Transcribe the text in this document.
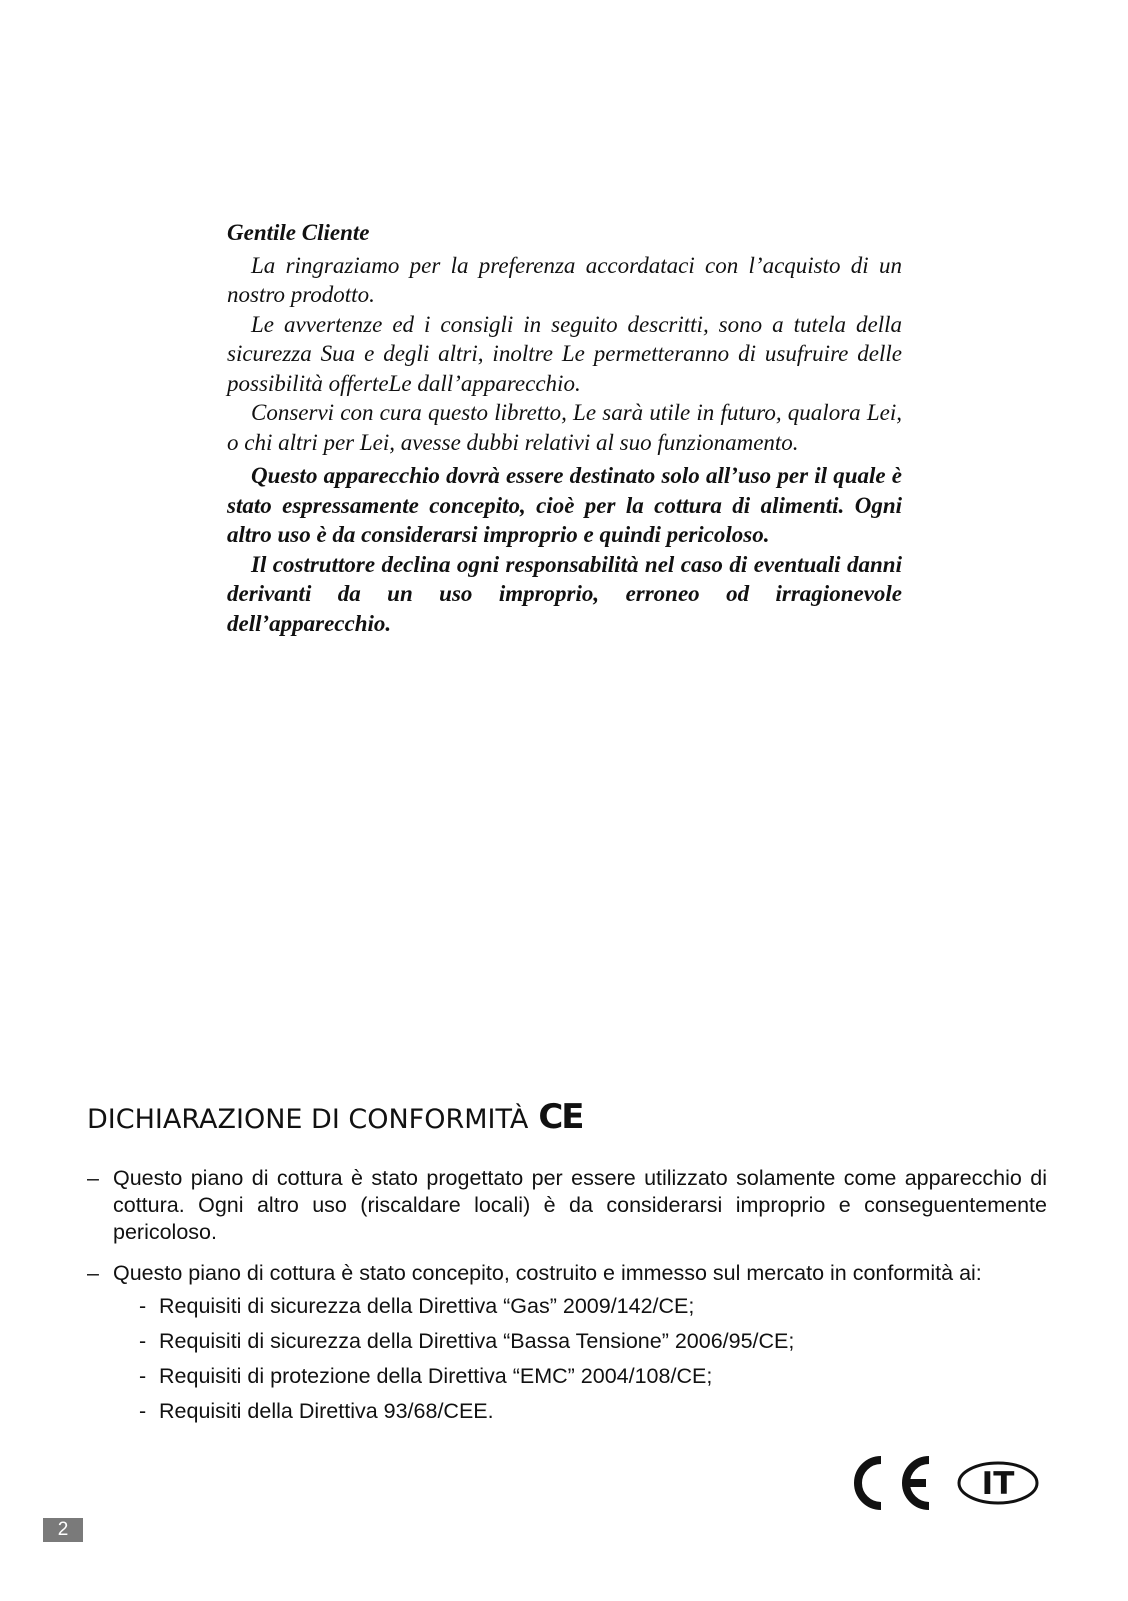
Gentile Cliente

La ringraziamo per la preferenza accordataci con l’acquisto di un nostro prodotto.

Le avvertenze ed i consigli in seguito descritti, sono a tutela della sicurezza Sua e degli altri, inoltre Le permetteranno di usufruire delle possibilità offerteLe dall’apparecchio.

Conservi con cura questo libretto, Le sarà utile in futuro, qualora Lei, o chi altri per Lei, avesse dubbi relativi al suo funzionamento.

Questo apparecchio dovrà essere destinato solo all’uso per il quale è stato espressamente concepito, cioè per la cottura di alimenti. Ogni altro uso è da considerarsi improprio e quindi pericoloso.

Il costruttore declina ogni responsabilità nel caso di eventuali danni derivanti da un uso improprio, erroneo od irragionevole dell’apparecchio.

DICHIARAZIONE DI CONFORMITÀ CE
– Questo piano di cottura è stato progettato per essere utilizzato solamente come apparecchio di cottura. Ogni altro uso (riscaldare locali) è da considerarsi improprio e conseguentemente pericoloso.
– Questo piano di cottura è stato concepito, costruito e immesso sul mercato in conformità ai:
- Requisiti di sicurezza della Direttiva “Gas” 2009/142/CE;
- Requisiti di sicurezza della Direttiva “Bassa Tensione” 2006/95/CE;
- Requisiti di protezione della Direttiva “EMC” 2004/108/CE;
- Requisiti della Direttiva 93/68/CEE.
IT
2
